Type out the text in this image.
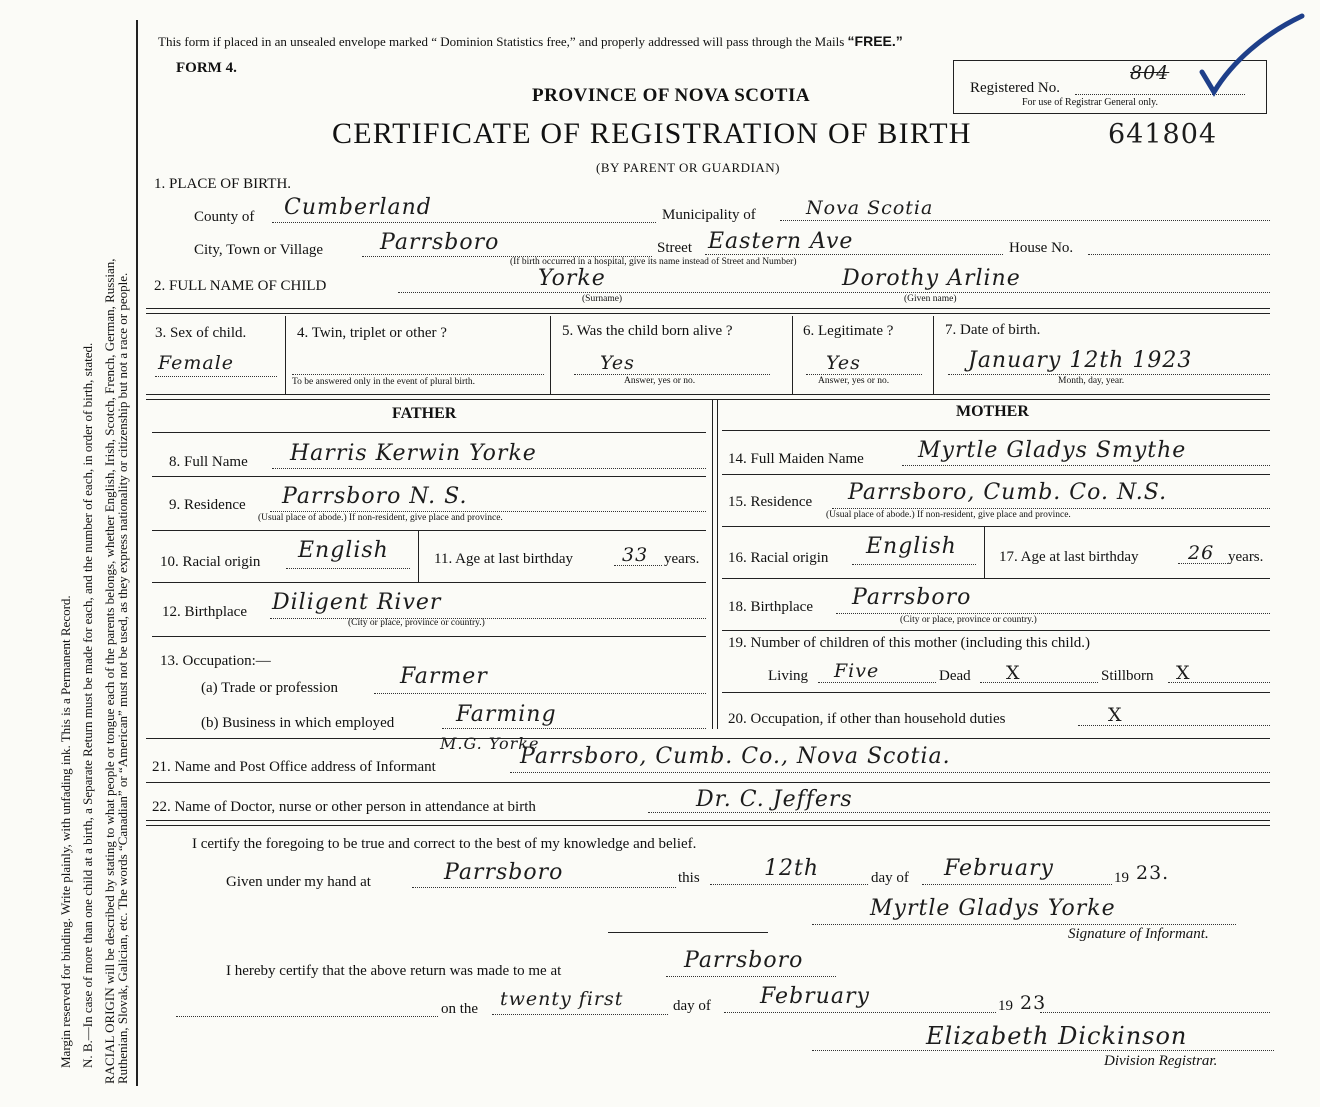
Margin reserved for binding. Write plainly, with unfading ink. This is a Permanent Record. N. B.—In case of more than one child at a birth, a Separate Return must be made for each, and the number of each, in order of birth, stated. RACIAL ORIGIN will be described by stating to what people or tongue each of the parents belongs, whether English, Irish, Scotch, French, German, Russian,
Ruthenian, Slovak, Galician, etc. The words “Canadian” or “American” must not be used, as they express nationality or citizenship but not a race or people.
This form if placed in an unsealed envelope marked “ Dominion Statistics free,” and properly addressed will pass through the Mails “FREE.”
FORM 4.
PROVINCE OF NOVA SCOTIA
CERTIFICATE OF REGISTRATION OF BIRTH	641804
(BY PARENT OR GUARDIAN)
Registered No.
804
For use of Registrar General only.
1. PLACE OF BIRTH.
County of Cumberland	Municipality of	Nova Scotia
City, Town or Village	Parrsboro	Street Eastern Ave	House No.
(If birth occurred in a hospital, give its name instead of Street and Number)
2. FULL NAME OF CHILD	Yorke
(Surname)
Dorothy Arline
(Given name)
3. Sex of child.
Female
4. Twin, triplet or other ?
To be answered only in the event of plural birth.
5. Was the child born alive ?
Yes
Answer, yes or no.
6. Legitimate ?
Yes
Answer, yes or no.
7. Date of birth.
January 12th 1923
Month, day, year.
FATHER	MOTHER
8. Full Name Harris Kerwin Yorke
9. Residence Parrsboro N. S.
(Usual place of abode.) If non-resident, give place and province.
10. Racial origin English	11. Age at last birthday	33 years.
12. Birthplace Diligent River
(City or place, province or country.)
13. Occupation:—
(a) Trade or profession	Farmer
(b) Business in which employed	Farming
14. Full Maiden Name Myrtle Gladys Smythe
15. Residence Parrsboro, Cumb. Co. N.S.
(Usual place of abode.) If non-resident, give place and province.
16. Racial origin English	17. Age at last birthday	26 years.
18. Birthplace Parrsboro
(City or place, province or country.)
19. Number of children of this mother (including this child.)
Living Five	Dead X	Stillborn X
20. Occupation, if other than household duties	X
21. Name and Post Office address of Informant
M.G. Yorke
Parrsboro, Cumb. Co., Nova Scotia.
22. Name of Doctor, nurse or other person in attendance at birth	Dr. C. Jeffers
I certify the foregoing to be true and correct to the best of my knowledge and belief.
Given under my hand at	Parrsboro	this	12th	day of February	19 23.
Myrtle Gladys Yorke
Signature of Informant.
I hereby certify that the above return was made to me at	Parrsboro
on the twenty first	day of February	19 23
Elizabeth Dickinson
Division Registrar.
